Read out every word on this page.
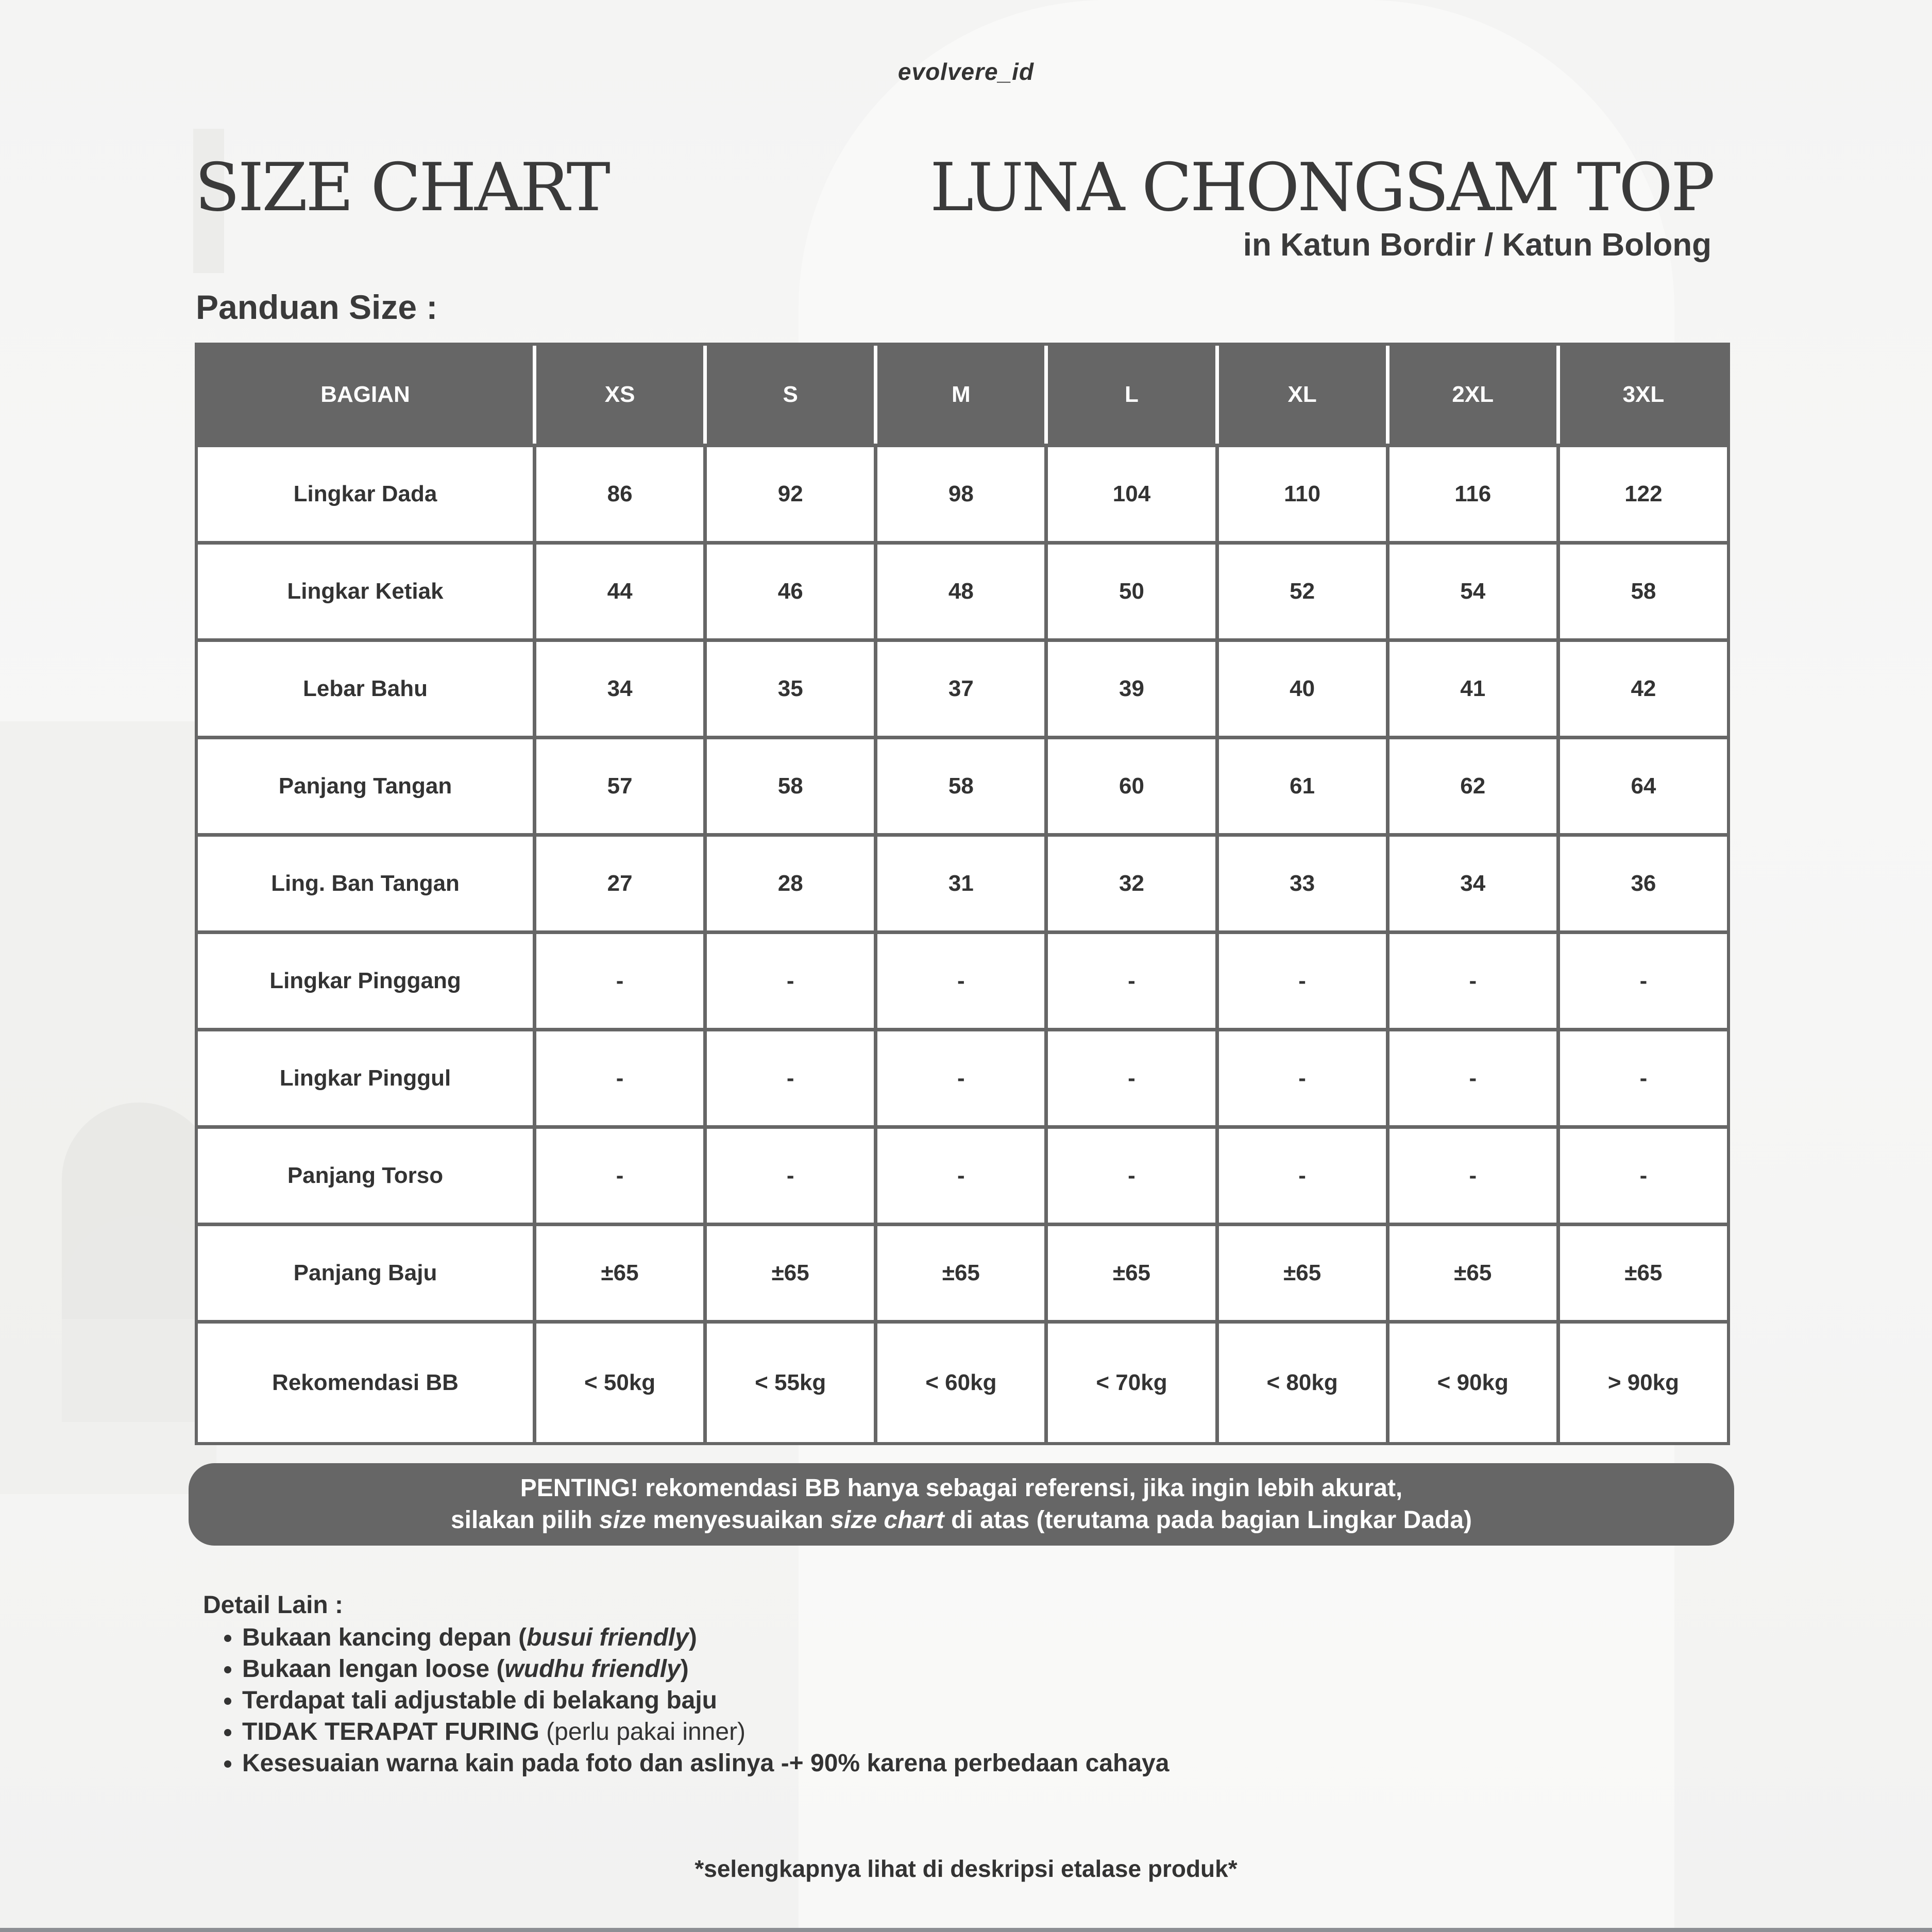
evolvere_id
SIZE CHART	LUNA CHONGSAM TOP
in Katun Bordir / Katun Bolong
Panduan Size :
BAGIAN	XS	S	M	L	XL	2XL	3XL
Lingkar Dada	86	92	98	104	110	116	122
Lingkar Ketiak	44	46	48	50	52	54	58
Lebar Bahu	34	35	37	39	40	41	42
Panjang Tangan	57	58	58	60	61	62	64
Ling. Ban Tangan	27	28	31	32	33	34	36
Lingkar Pinggang	-	-	-	-	-	-	-
Lingkar Pinggul	-	-	-	-	-	-	-
Panjang Torso	-	-	-	-	-	-	-
Panjang Baju	±65	±65	±65	±65	±65	±65	±65
Rekomendasi BB	< 50kg	< 55kg	< 60kg	< 70kg	< 80kg	< 90kg	> 90kg
PENTING! rekomendasi BB hanya sebagai referensi, jika ingin lebih akurat,
silakan pilih size menyesuaikan size chart di atas (terutama pada bagian Lingkar Dada)
Detail Lain :
• Bukaan kancing depan (busui friendly)
• Bukaan lengan loose (wudhu friendly)
• Terdapat tali adjustable di belakang baju
• TIDAK TERAPAT FURING (perlu pakai inner)
• Kesesuaian warna kain pada foto dan aslinya -+ 90% karena perbedaan cahaya
*selengkapnya lihat di deskripsi etalase produk*
